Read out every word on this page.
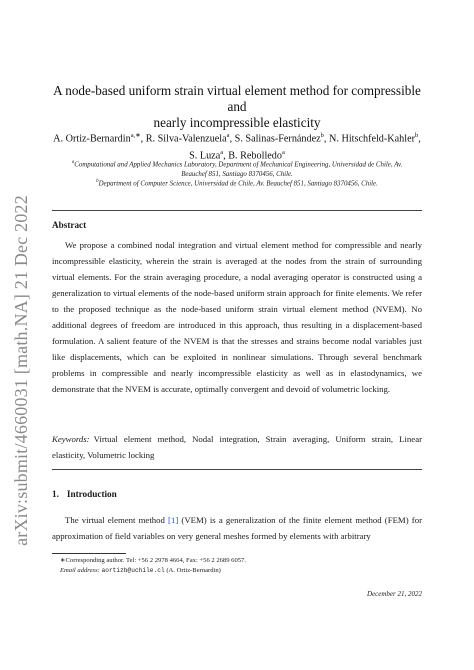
arXiv:submit/4660031 [math.NA] 21 Dec 2022
A node-based uniform strain virtual element method for compressible and
nearly incompressible elasticity
A. Ortiz-Bernardin$^{a,∗}$, R. Silva-Valenzuela$^a$, S. Salinas-Fernández$^b$, N. Hitschfeld-Kahler$^b$,
S. Luza$^a$, B. Rebolledo$^a$
$^a$Computational and Applied Mechanics Laboratory, Department of Mechanical Engineering, Universidad de Chile, Av. Beauchef 851, Santiago 8370456, Chile.
$^b$Department of Computer Science, Universidad de Chile, Av. Beauchef 851, Santiago 8370456, Chile.
Abstract

We propose a combined nodal integration and virtual element method for compressible and nearly incompressible elasticity, wherein the strain is averaged at the nodes from the strain of surrounding virtual elements. For the strain averaging procedure, a nodal averaging operator is constructed using a generalization to virtual elements of the node-based uniform strain approach for finite elements. We refer to the proposed technique as the node-based uniform strain virtual element method (NVEM). No additional degrees of freedom are introduced in this approach, thus resulting in a displacement-based formulation. A salient feature of the NVEM is that the stresses and strains become nodal variables just like displacements, which can be exploited in nonlinear simulations. Through several benchmark problems in compressible and nearly incompressible elasticity as well as in elastodynamics, we demonstrate that the NVEM is accurate, optimally convergent and devoid of volumetric locking.

Keywords: Virtual element method, Nodal integration, Strain averaging, Uniform strain, Linear elasticity, Volumetric locking

1. Introduction

The virtual element method [1] (VEM) is a generalization of the finite element method (FEM) for approximation of field variables on very general meshes formed by elements with arbitrary

∗Corresponding author. Tel: +56 2 2978 4664, Fax: +56 2 2689 6057.
Email address: aortizb@uchile.cl (A. Ortiz-Bernardin)
December 21, 2022
